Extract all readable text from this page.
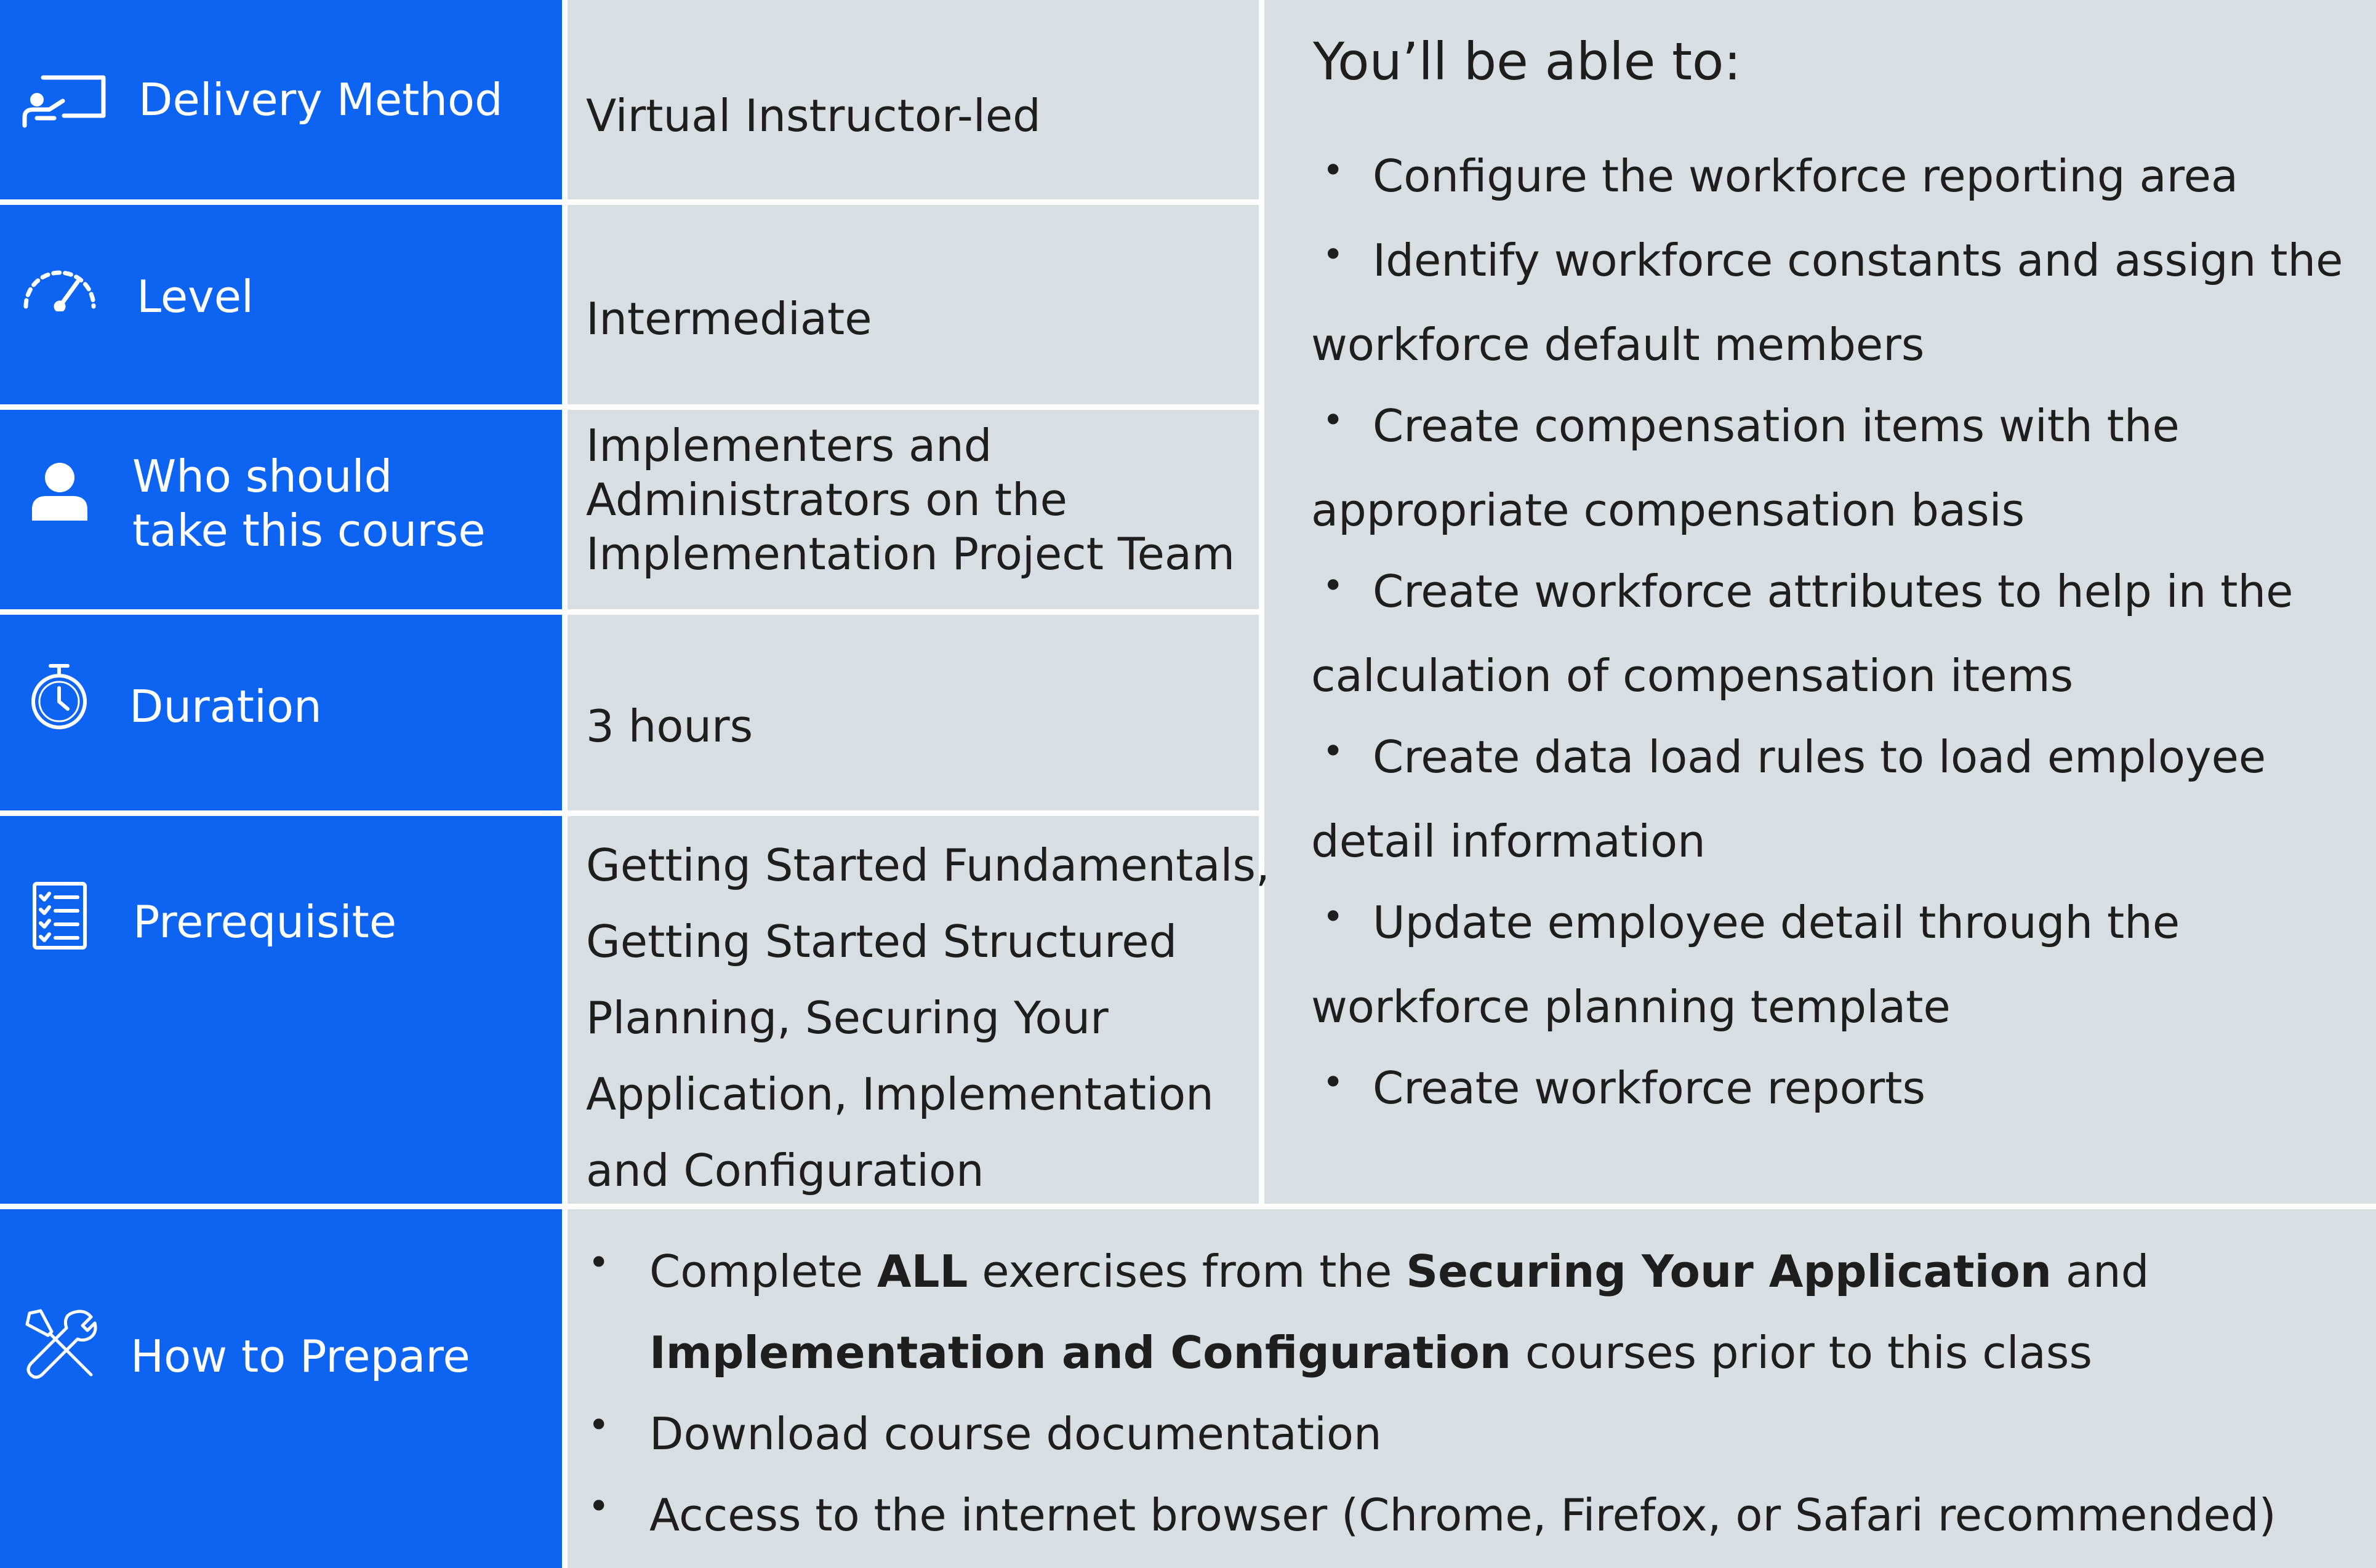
Delivery Method Virtual Instructor-led
Level	Intermediate
Who should
take this course
Implementers and
Administrators on the
Implementation Project Team
Duration	3 hours
Prerequisite
Getting Started Fundamentals,
Getting Started Structured
Planning, Securing Your
Application, Implementation
and Configuration
How to Prepare
• Complete ALL exercises from the Securing Your Application and
Implementation and Configuration courses prior to this class
• Download course documentation
• Access to the internet browser (Chrome, Firefox, or Safari recommended)
You’ll be able to:
• Configure the workforce reporting area
• Identify workforce constants and assign the
workforce default members
• Create compensation items with the
appropriate compensation basis
• Create workforce attributes to help in the
calculation of compensation items
• Create data load rules to load employee
detail information
• Update employee detail through the
workforce planning template
• Create workforce reports
